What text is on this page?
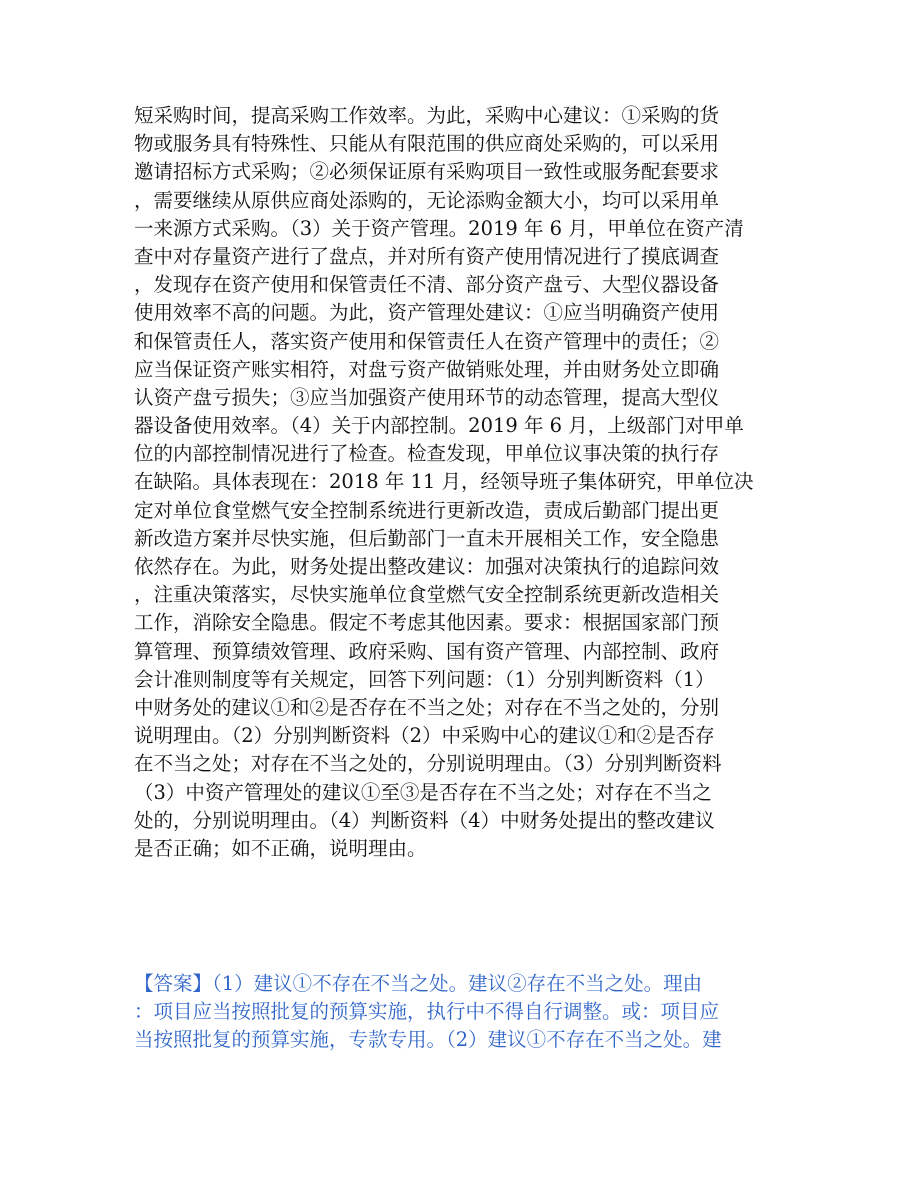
短采购时间，提高采购工作效率。为此，采购中心建议：①采购的货
物或服务具有特殊性、只能从有限范围的供应商处采购的，可以采用
邀请招标方式采购；②必须保证原有采购项目一致性或服务配套要求
，需要继续从原供应商处添购的，无论添购金额大小，均可以采用单
一来源方式采购。（3）关于资产管理。2019 年 6 月，甲单位在资产清
查中对存量资产进行了盘点，并对所有资产使用情况进行了摸底调查
，发现存在资产使用和保管责任不清、部分资产盘亏、大型仪器设备
使用效率不高的问题。为此，资产管理处建议：①应当明确资产使用
和保管责任人，落实资产使用和保管责任人在资产管理中的责任；②
应当保证资产账实相符，对盘亏资产做销账处理，并由财务处立即确
认资产盘亏损失；③应当加强资产使用环节的动态管理，提高大型仪
器设备使用效率。（4）关于内部控制。2019 年 6 月，上级部门对甲单
位的内部控制情况进行了检查。检查发现，甲单位议事决策的执行存
在缺陷。具体表现在：2018 年 11 月，经领导班子集体研究，甲单位决
定对单位食堂燃气安全控制系统进行更新改造，责成后勤部门提出更
新改造方案并尽快实施，但后勤部门一直未开展相关工作，安全隐患
依然存在。为此，财务处提出整改建议：加强对决策执行的追踪问效
，注重决策落实，尽快实施单位食堂燃气安全控制系统更新改造相关
工作，消除安全隐患。假定不考虑其他因素。要求：根据国家部门预
算管理、预算绩效管理、政府采购、国有资产管理、内部控制、政府
会计准则制度等有关规定，回答下列问题：（1）分别判断资料（1）
中财务处的建议①和②是否存在不当之处；对存在不当之处的，分别
说明理由。（2）分别判断资料（2）中采购中心的建议①和②是否存
在不当之处；对存在不当之处的，分别说明理由。（3）分别判断资料
（3）中资产管理处的建议①至③是否存在不当之处；对存在不当之
处的，分别说明理由。（4）判断资料（4）中财务处提出的整改建议
是否正确；如不正确，说明理由。
【答案】（1）建议①不存在不当之处。建议②存在不当之处。理由
：项目应当按照批复的预算实施，执行中不得自行调整。或：项目应
当按照批复的预算实施，专款专用。（2）建议①不存在不当之处。建
